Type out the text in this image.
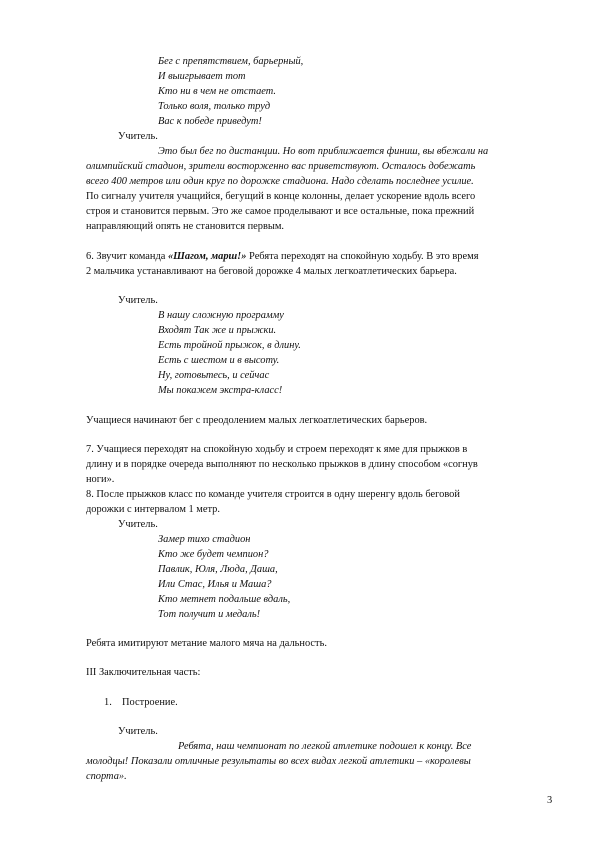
Бег с препятствием, барьерный,
И выигрывает тот
Кто ни в чем не отстает.
Только воля, только труд
Вас к победе приведут!
Учитель.
Это был бег по дистанции. Но вот приближается финиш, вы вбежали на
олимпийский стадион, зрители восторженно вас приветствуют. Осталось добежать
всего 400 метров или один круг по дорожке стадиона. Надо сделать последнее усилие.
По сигналу учителя учащийся, бегущий в конце колонны, делает ускорение вдоль всего
строя и становится первым. Это же самое проделывают и все остальные, пока прежний
направляющий опять не становится первым.
6. Звучит команда «Шагом, марш!» Ребята переходят на спокойную ходьбу. В это время
2 мальчика устанавливают на беговой дорожке 4 малых легкоатлетических барьера.
Учитель.
В нашу сложную программу
Входят Так же и прыжки.
Есть тройной прыжок, в длину.
Есть с шестом и в высоту.
Ну, готовьтесь, и сейчас
Мы покажем экстра-класс!
Учащиеся начинают бег с преодолением малых легкоатлетических барьеров.
7. Учащиеся переходят на спокойную ходьбу и строем переходят к яме для прыжков в
длину и в порядке очереда выполняют по несколько прыжков в длину способом «согнув
ноги».
8. После прыжков класс по команде учителя строится в одну шеренгу вдоль беговой
дорожки с интервалом 1 метр.
Учитель.
Замер тихо стадион
Кто же будет чемпион?
Павлик, Юля, Люда, Даша,
Или Стас, Илья и Маша?
Кто метнет подальше вдаль,
Тот получит и медаль!
Ребята имитируют метание малого мяча на дальность.
III Заключительная часть:
1. Построение.
Учитель.
Ребята, наш чемпионат по легкой атлетике подошел к концу. Все
молодцы! Показали отличные результаты во всех видах легкой атлетики – «королевы
спорта».
3
